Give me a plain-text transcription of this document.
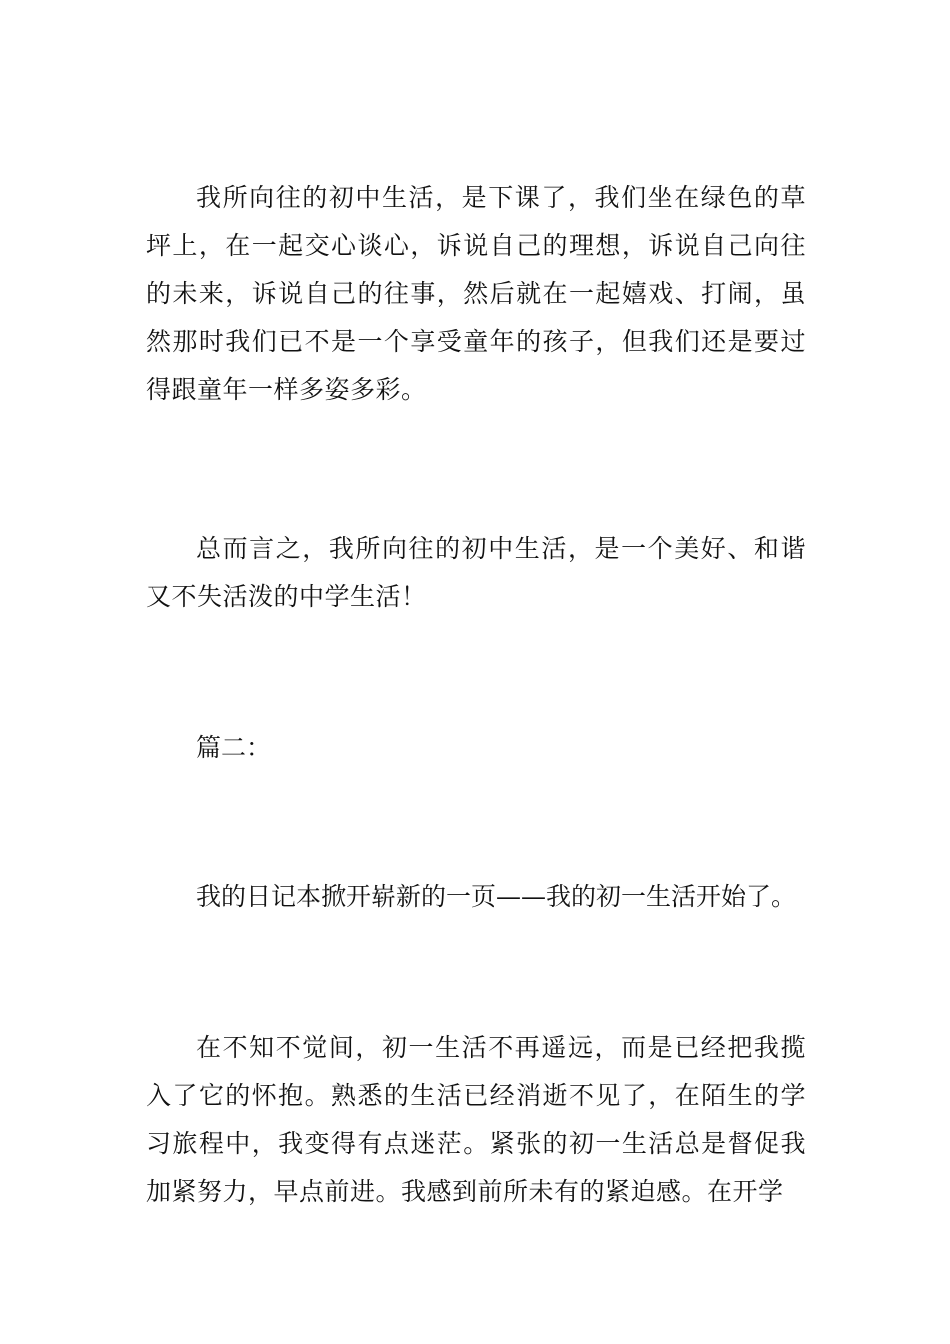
我所向往的初中生活，是下课了，我们坐在绿色的草坪上，在一起交心谈心，诉说自己的理想，诉说自己向往的未来，诉说自己的往事，然后就在一起嬉戏、打闹，虽然那时我们已不是一个享受童年的孩子，但我们还是要过得跟童年一样多姿多彩。

总而言之，我所向往的初中生活，是一个美好、和谐又不失活泼的中学生活！

篇二：

我的日记本掀开崭新的一页——我的初一生活开始了。

在不知不觉间，初一生活不再遥远，而是已经把我揽入了它的怀抱。熟悉的生活已经消逝不见了，在陌生的学习旅程中，我变得有点迷茫。紧张的初一生活总是督促我加紧努力，早点前进。我感到前所未有的紧迫感。在开学
